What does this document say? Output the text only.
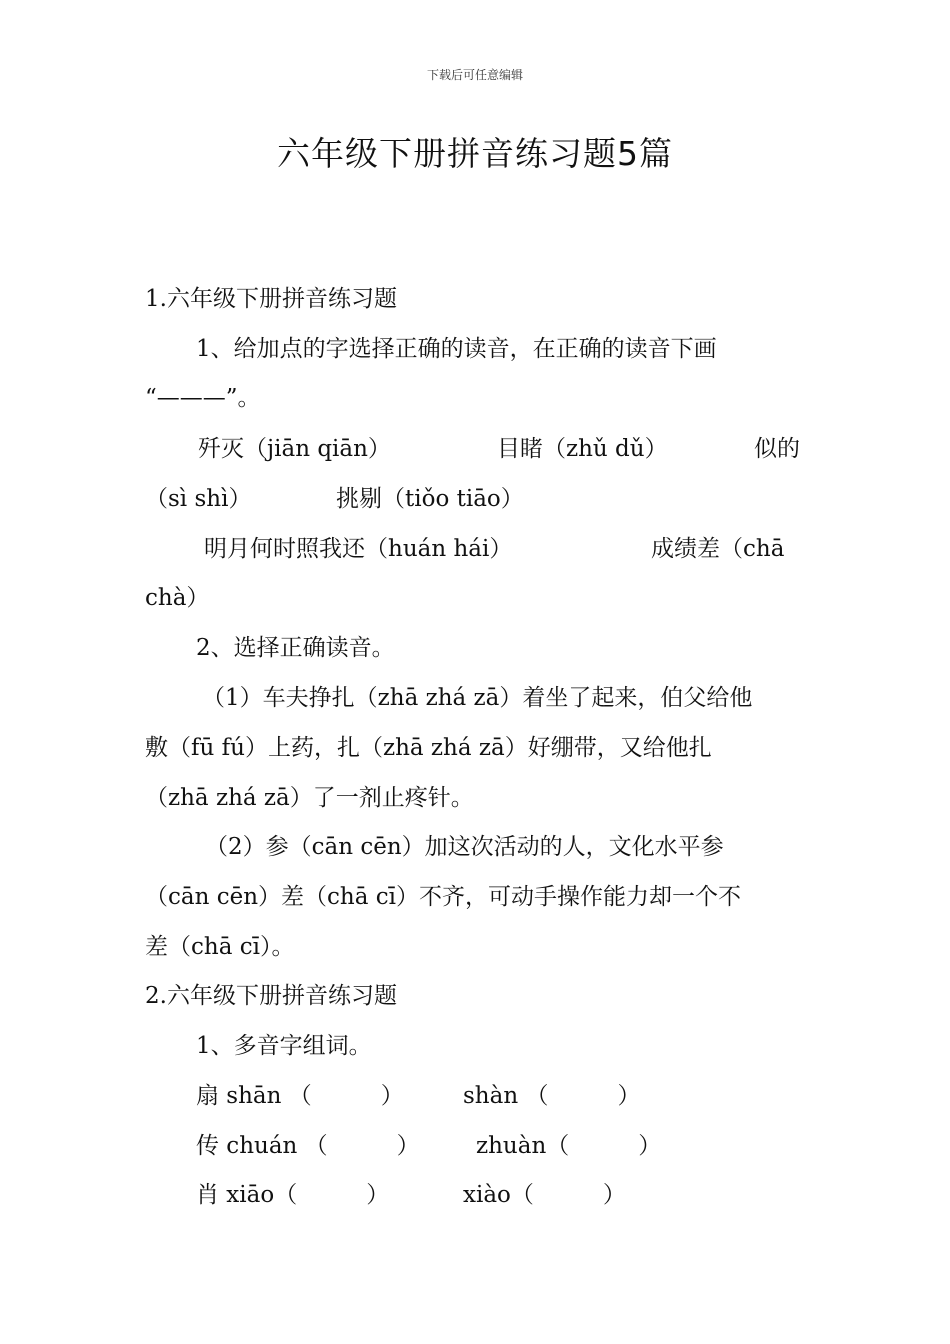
下载后可任意编辑
六年级下册拼音练习题5篇
1.六年级下册拼音练习题
1、给加点的字选择正确的读音，在正确的读音下画
“———”。
歼灭（jiān qiān）	目睹（zhǔ dǔ）	似的
（sì shì）	挑剔（tiǒo tiāo）
明月何时照我还（huán hái）	成绩差（chā
chà）
2、选择正确读音。
（1）车夫挣扎（zhā zhá zā）着坐了起来，伯父给他
敷（fū fú）上药，扎（zhā zhá zā）好绷带，又给他扎
（zhā zhá zā）了一剂止疼针。
（2）参（cān cēn）加这次活动的人，文化水平参
（cān cēn）差（chā cī）不齐，可动手操作能力却一个不
差（chā cī）。
2.六年级下册拼音练习题
1、多音字组词。
扇 shān （　　　）	shàn （　　　）
传 chuán （　　　） zhuàn（　　　）
肖 xiāo（　　　）	xiào（　　　）
